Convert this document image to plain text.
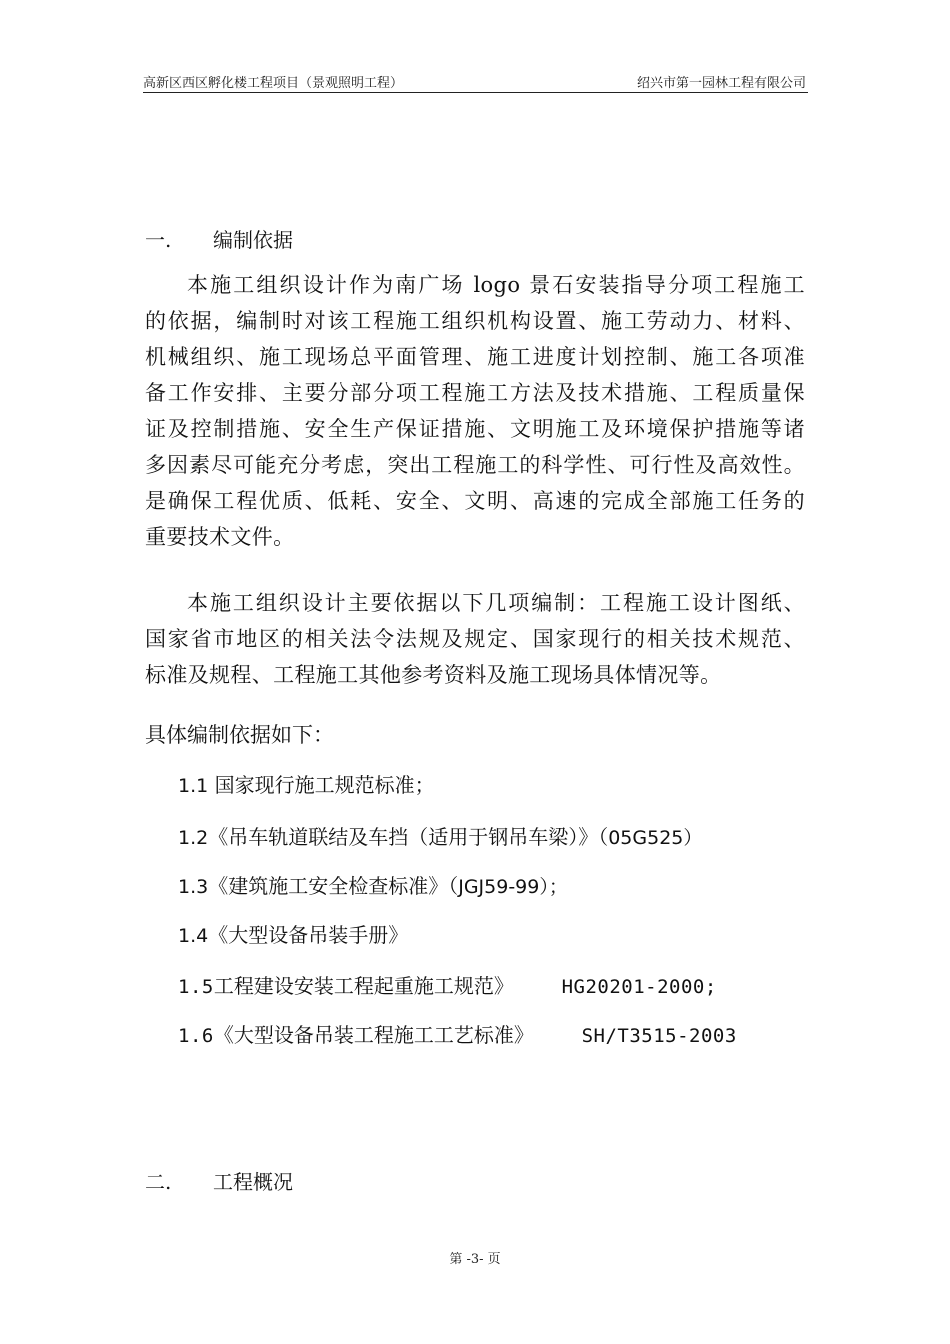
高新区西区孵化楼工程项目（景观照明工程）	绍兴市第一园林工程有限公司
一. 编制依据
本施工组织设计作为南广场 logo 景石安装指导分项工程施工
的依据，编制时对该工程施工组织机构设置、施工劳动力、材料、
机械组织、施工现场总平面管理、施工进度计划控制、施工各项准
备工作安排、主要分部分项工程施工方法及技术措施、工程质量保
证及控制措施、安全生产保证措施、文明施工及环境保护措施等诸
多因素尽可能充分考虑，突出工程施工的科学性、可行性及高效性。
是确保工程优质、低耗、安全、文明、高速的完成全部施工任务的
重要技术文件。
本施工组织设计主要依据以下几项编制：工程施工设计图纸、
国家省市地区的相关法令法规及规定、国家现行的相关技术规范、
标准及规程、工程施工其他参考资料及施工现场具体情况等。
具体编制依据如下：
1.1 国家现行施工规范标准；
1.2《吊车轨道联结及车挡（适用于钢吊车梁）》（05G525）
1.3《建筑施工安全检查标准》（JGJ59-99）；
1.4《大型设备吊装手册》
1.5工程建设安装工程起重施工规范》	HG20201-2000;
1.6《大型设备吊装工程施工工艺标准》	SH/T3515-2003
二. 工程概况
第 -3- 页
